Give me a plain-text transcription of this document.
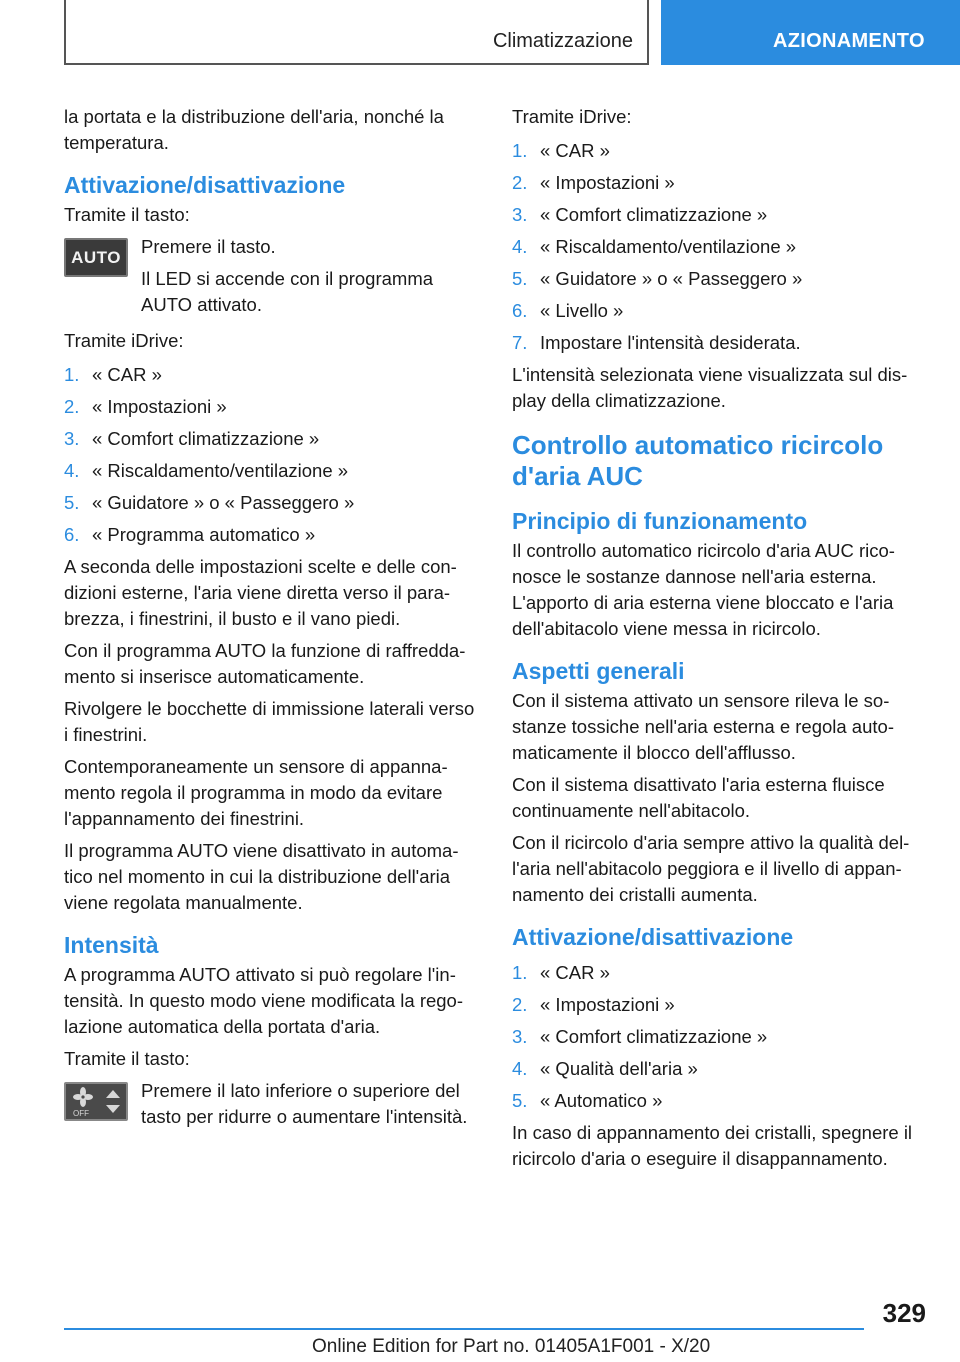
Climatizzazione	AZIONAMENTO

la portata e la distribuzione dell'aria, nonché la temperatura.

Attivazione/disattivazione

Tramite il tasto:

AUTO Premere il tasto.

Il LED si accende con il programma AUTO attivato.

Tramite iDrive:

1. « CAR »
2. « Impostazioni »
3. « Comfort climatizzazione »
4. « Riscaldamento/ventilazione »
5. « Guidatore » o « Passeggero »
6. « Programma automatico »

A seconda delle impostazioni scelte e delle con-dizioni esterne, l'aria viene diretta verso il para-brezza, i finestrini, il busto e il vano piedi.

Con il programma AUTO la funzione di raffredda-mento si inserisce automaticamente.

Rivolgere le bocchette di immissione laterali verso i finestrini.

Contemporaneamente un sensore di appanna-mento regola il programma in modo da evitare l'appannamento dei finestrini.

Il programma AUTO viene disattivato in automa-tico nel momento in cui la distribuzione dell'aria viene regolata manualmente.

Intensità

A programma AUTO attivato si può regolare l'in-tensità. In questo modo viene modificata la rego-lazione automatica della portata d'aria.

Tramite il tasto:

OFF

Premere il lato inferiore o superiore del tasto per ridurre o aumentare l'intensità.

Tramite iDrive:

1. « CAR »
2. « Impostazioni »
3. « Comfort climatizzazione »
4. « Riscaldamento/ventilazione »
5. « Guidatore » o « Passeggero »
6. « Livello »
7. Impostare l'intensità desiderata.

L'intensità selezionata viene visualizzata sul dis-play della climatizzazione.

Controllo automatico ricircolo d'aria AUC
Principio di funzionamento

Il controllo automatico ricircolo d'aria AUC rico-nosce le sostanze dannose nell'aria esterna. L'apporto di aria esterna viene bloccato e l'aria dell'abitacolo viene messa in ricircolo.

Aspetti generali

Con il sistema attivato un sensore rileva le so-stanze tossiche nell'aria esterna e regola auto-maticamente il blocco dell'afflusso.

Con il sistema disattivato l'aria esterna fluisce continuamente nell'abitacolo.

Con il ricircolo d'aria sempre attivo la qualità del-l'aria nell'abitacolo peggiora e il livello di appan-namento dei cristalli aumenta.

Attivazione/disattivazione
1. « CAR »
2. « Impostazioni »
3. « Comfort climatizzazione »
4. « Qualità dell'aria »
5. « Automatico »

In caso di appannamento dei cristalli, spegnere il ricircolo d'aria o eseguire il disappannamento.

329
Online Edition for Part no. 01405A1F001 - X/20
